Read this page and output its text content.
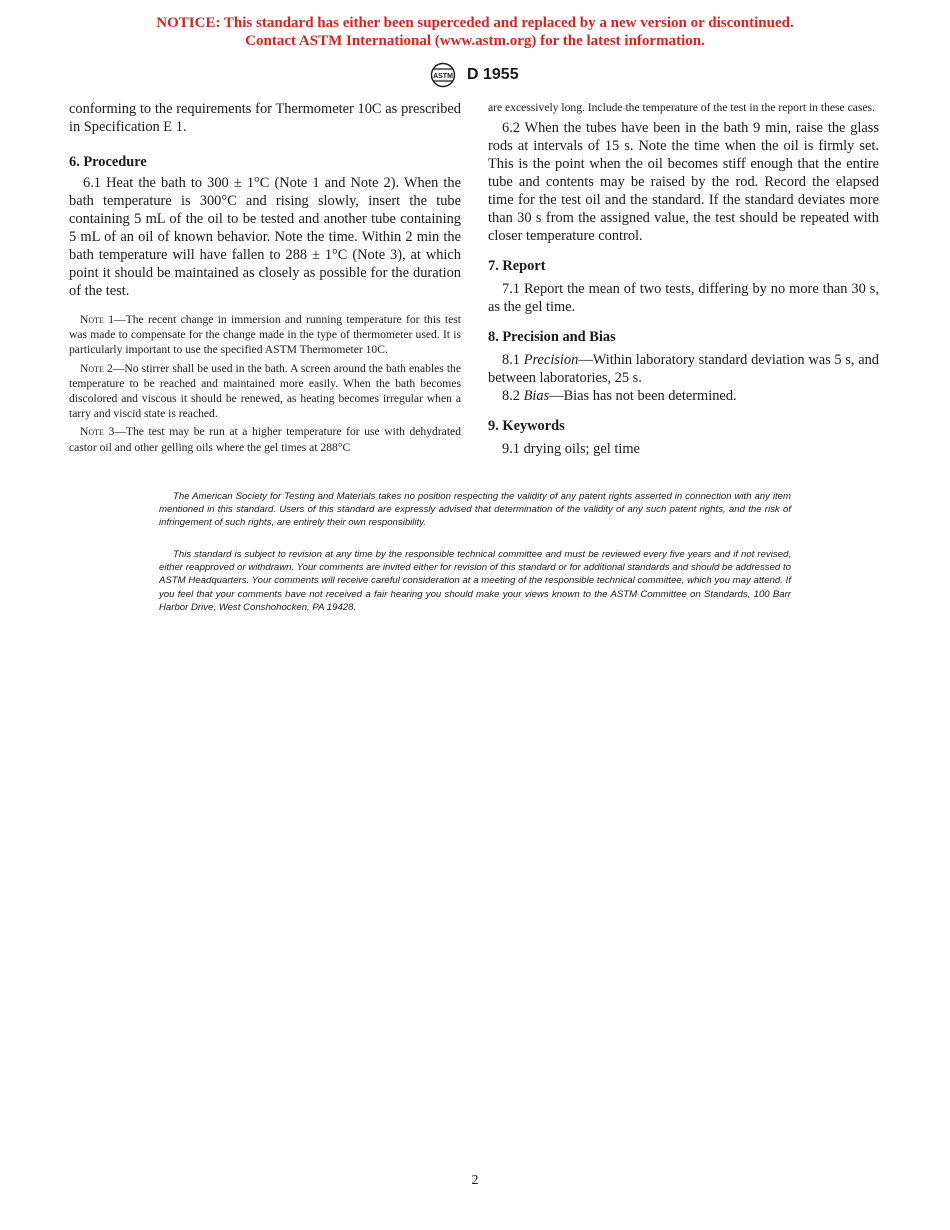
NOTICE: This standard has either been superceded and replaced by a new version or discontinued.
Contact ASTM International (www.astm.org) for the latest information.
ASTM D 1955

conforming to the requirements for Thermometer 10C as prescribed in Specification E 1.

6. Procedure

6.1 Heat the bath to 300 ± 1°C (Note 1 and Note 2). When the bath temperature is 300°C and rising slowly, insert the tube containing 5 mL of the oil to be tested and another tube containing 5 mL of an oil of known behavior. Note the time. Within 2 min the bath temperature will have fallen to 288 ± 1°C (Note 3), at which point it should be maintained as closely as possible for the duration of the test.

Note 1—The recent change in immersion and running temperature for this test was made to compensate for the change made in the type of thermometer used. It is particularly important to use the specified ASTM Thermometer 10C.

Note 2—No stirrer shall be used in the bath. A screen around the bath enables the temperature to be reached and maintained more easily. When the bath becomes discolored and viscous it should be renewed, as heating becomes irregular when a tarry and viscid state is reached.

Note 3—The test may be run at a higher temperature for use with dehydrated castor oil and other gelling oils where the gel times at 288°C

are excessively long. Include the temperature of the test in the report in these cases.

6.2 When the tubes have been in the bath 9 min, raise the glass rods at intervals of 15 s. Note the time when the oil is firmly set. This is the point when the oil becomes stiff enough that the entire tube and contents may be raised by the rod. Record the elapsed time for the test oil and the standard. If the standard deviates more than 30 s from the assigned value, the test should be repeated with closer temperature control.

7. Report

7.1 Report the mean of two tests, differing by no more than 30 s, as the gel time.

8. Precision and Bias

8.1 Precision—Within laboratory standard deviation was 5 s, and between laboratories, 25 s.

8.2 Bias—Bias has not been determined.

9. Keywords

9.1 drying oils; gel time

The American Society for Testing and Materials takes no position respecting the validity of any patent rights asserted in connection with any item mentioned in this standard. Users of this standard are expressly advised that determination of the validity of any such patent rights, and the risk of infringement of such rights, are entirely their own responsibility.

This standard is subject to revision at any time by the responsible technical committee and must be reviewed every five years and if not revised, either reapproved or withdrawn. Your comments are invited either for revision of this standard or for additional standards and should be addressed to ASTM Headquarters. Your comments will receive careful consideration at a meeting of the responsible technical committee, which you may attend. If you feel that your comments have not received a fair hearing you should make your views known to the ASTM Committee on Standards, 100 Barr Harbor Drive, West Conshohocken, PA 19428.

2
